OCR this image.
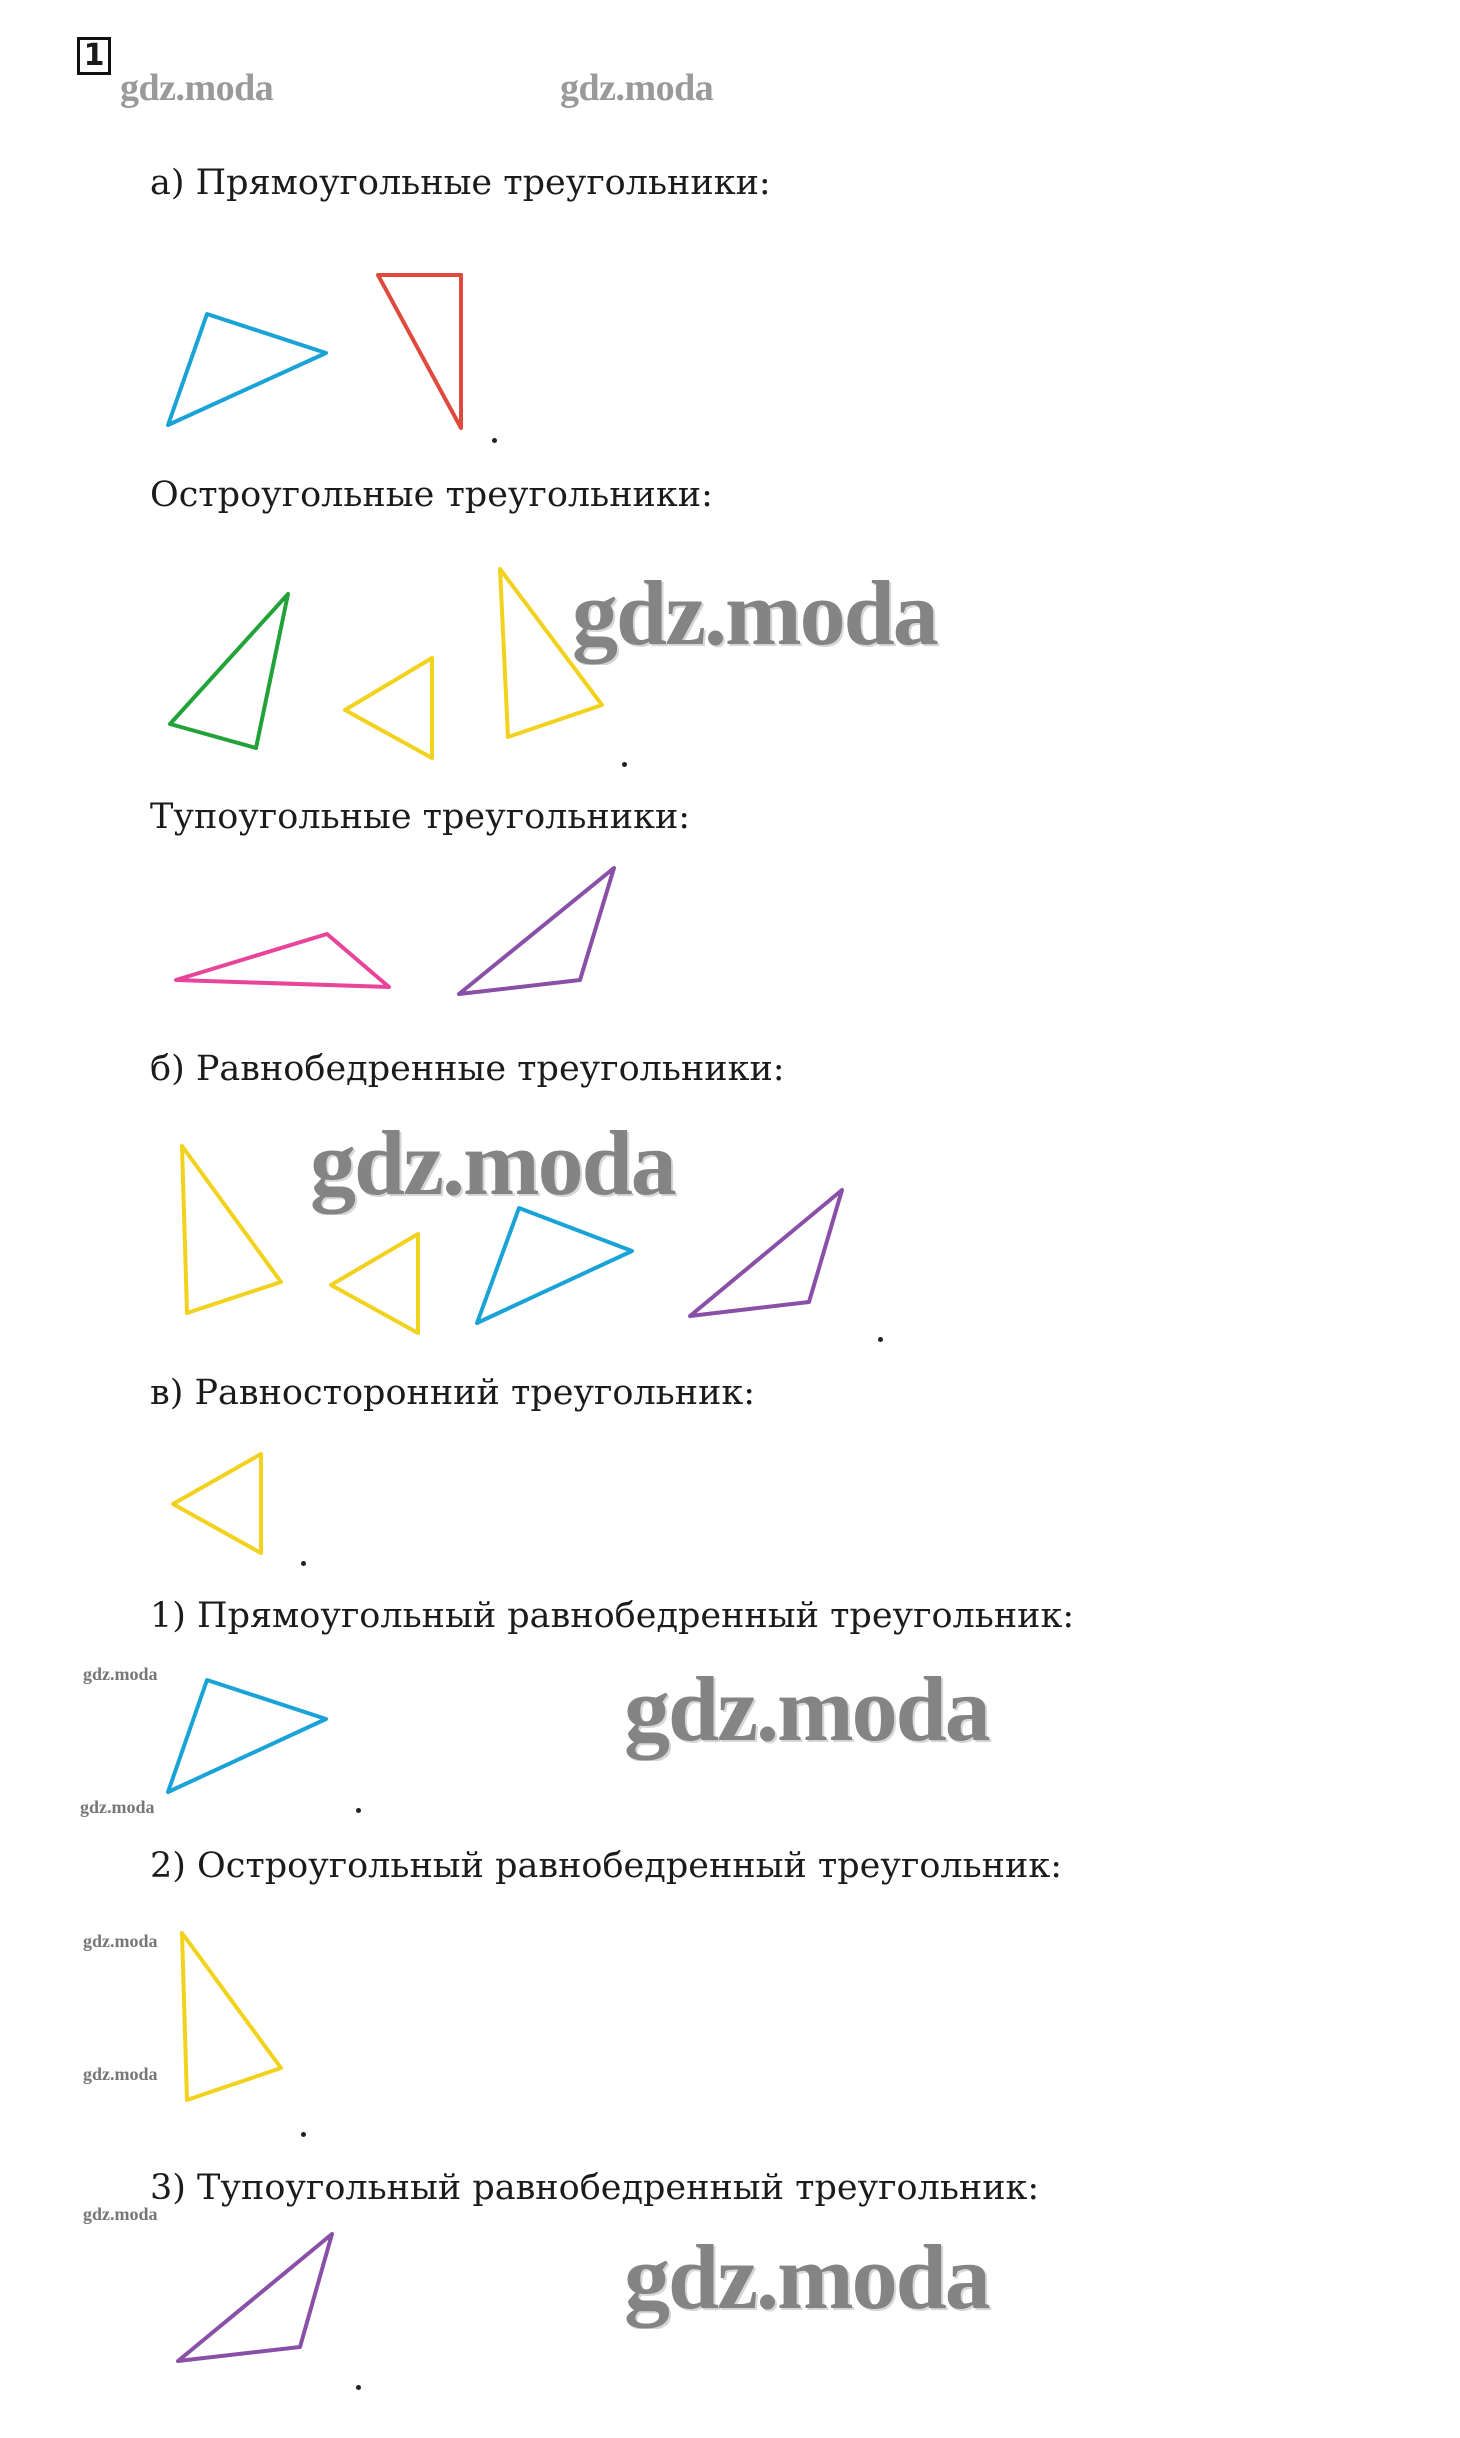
1
gdz.moda	gdz.moda
а) Прямоугольные треугольники:
Остроугольные треугольники:
gdz.moda
Тупоугольные треугольники:
б) Равнобедренные треугольники:
gdz.moda
в) Равносторонний треугольник:
1) Прямоугольный равнобедренный треугольник:
gdz.moda
gdz.moda
gdz.moda
2) Остроугольный равнобедренный треугольник:
gdz.moda
gdz.moda
3) Тупоугольный равнобедренный треугольник:
gdz.moda
gdz.moda
